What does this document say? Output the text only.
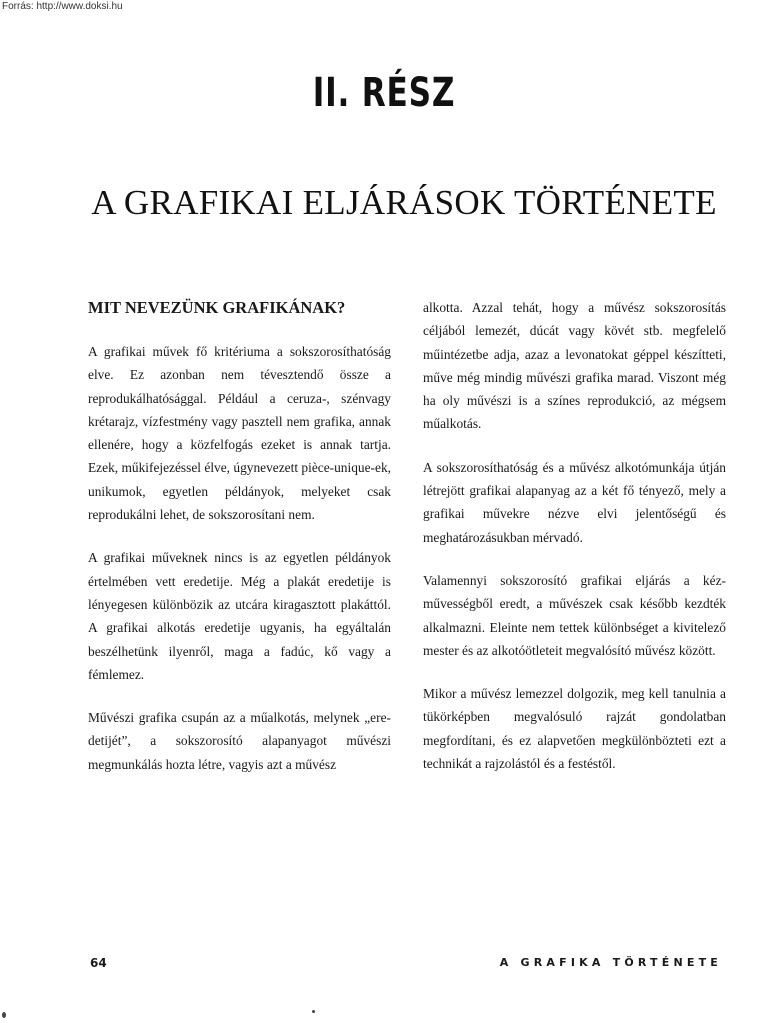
Forrás: http://www.doksi.hu
II. RÉSZ
A GRAFIKAI ELJÁRÁSOK TÖRTÉNETE
MIT NEVEZÜNK GRAFIKÁNAK?

A grafikai művek fő kritériuma a sokszorosíthatóság elve. Ez azonban nem tévesztendő össze a reprodukálhatósággal. Például a ceruza-, szénvagy krétarajz, vízfestmény vagy pasztell nem grafika, annak ellenére, hogy a közfelfogás ezeket is annak tartja. Ezek, műkifejezéssel élve, úgynevezett pièce-unique-ek, unikumok, egyetlen példányok, melyeket csak reprodukálni lehet, de sokszorosítani nem.

A grafikai műveknek nincs is az egyetlen példányok értelmében vett eredetije. Még a plakát eredetije is lényegesen különbözik az utcára kiragasztott plakáttól. A grafikai alkotás eredetije ugyanis, ha egyáltalán beszélhetünk ilyenről, maga a fadúc, kő vagy a fémlemez.

Művészi grafika csupán az a műalkotás, melynek „eredetijét”, a sokszorosító alapanyagot művészi megmunkálás hozta létre, vagyis azt a művész

alkotta. Azzal tehát, hogy a művész sokszorosítás céljából lemezét, dúcát vagy kövét stb. megfelelő műintézetbe adja, azaz a levonatokat géppel készítteti, műve még mindig művészi grafika marad. Viszont még ha oly művészi is a színes reprodukció, az mégsem műalkotás.

A sokszorosíthatóság és a művész alkotómunkája útján létrejött grafikai alapanyag az a két fő tényező, mely a grafikai művekre nézve elvi jelentőségű és meghatározásukban mérvadó.

Valamennyi sokszorosító grafikai eljárás a kézművességből eredt, a művészek csak később kezdték alkalmazni. Eleinte nem tettek különbséget a kivitelező mester és az alkotóötleteit megvalósító művész között.

Mikor a művész lemezzel dolgozik, meg kell tanulnia a tükörképben megvalósuló rajzát gondolatban megfordítani, és ez alapvetően megkülönbözteti ezt a technikát a rajzolástól és a festéstől.

64	A GRAFIKA TÖRTÉNETE
